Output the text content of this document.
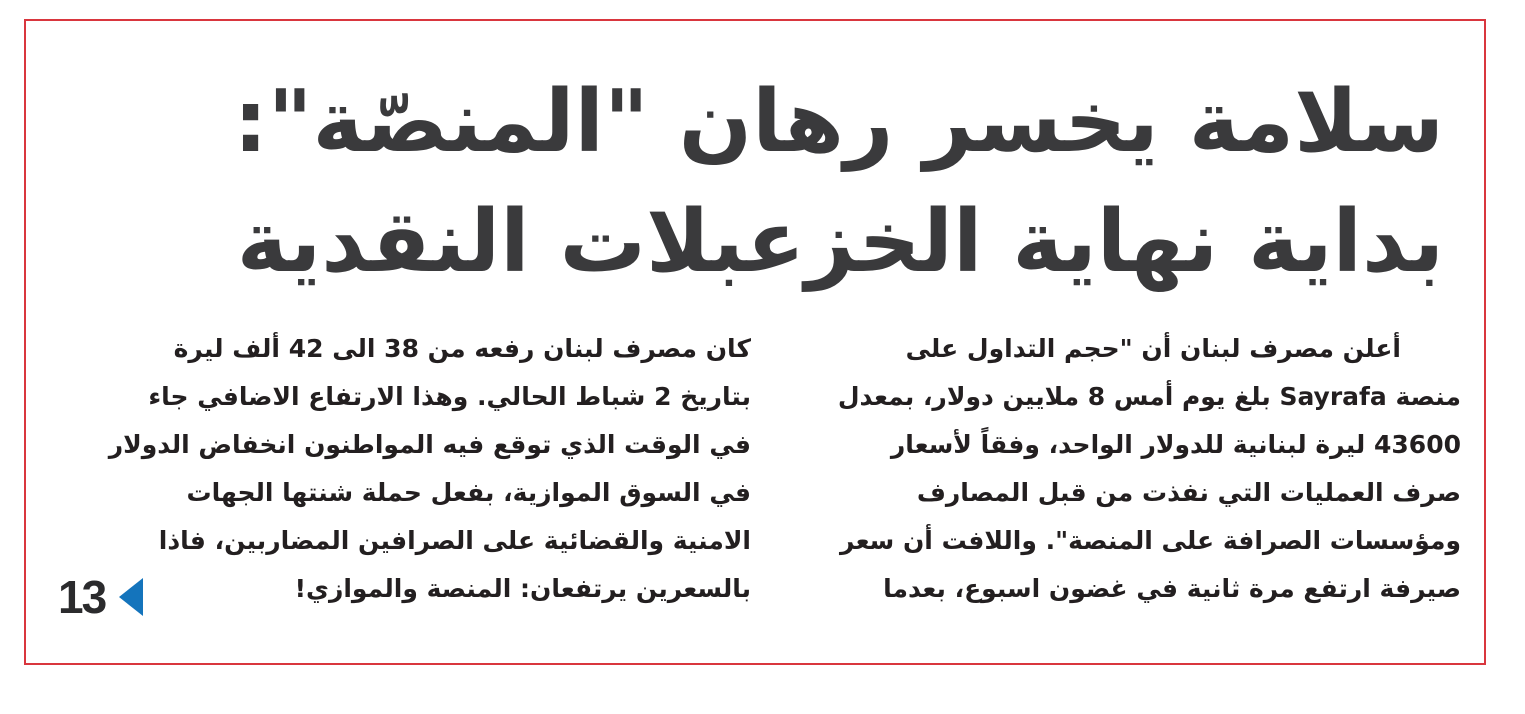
سلامة يخسر رهان "المنصّة":
بداية نهاية الخزعبلات النقدية
أعلن مصرف لبنان أن "حجم التداول على
منصة Sayrafa بلغ يوم أمس 8 ملايين دولار، بمعدل
43600 ليرة لبنانية للدولار الواحد، وفقاً لأسعار
صرف العمليات التي نفذت من قبل المصارف
ومؤسسات الصرافة على المنصة". واللافت أن سعر
صيرفة ارتفع مرة ثانية في غضون اسبوع، بعدما
كان مصرف لبنان رفعه من 38 الى 42 ألف ليرة
بتاريخ 2 شباط الحالي. وهذا الارتفاع الاضافي جاء
في الوقت الذي توقع فيه المواطنون انخفاض الدولار
في السوق الموازية، بفعل حملة شنتها الجهات
الامنية والقضائية على الصرافين المضاربين، فاذا
بالسعرين يرتفعان: المنصة والموازي!
13
